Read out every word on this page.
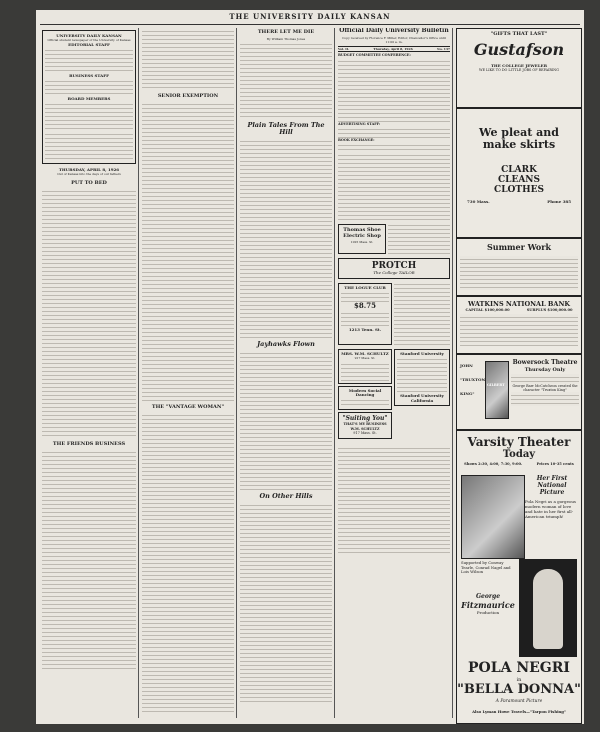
THE UNIVERSITY DAILY KANSAN
UNIVERSITY DAILY KANSAN
Official student newspaper of the University of Kansas
EDITORIAL STAFF
BUSINESS STAFF
BOARD MEMBERS
THURSDAY, APRIL 8, 1926
Out of Kansas into the days of our fathers
PUT TO BED
THE FRIENDS BUSINESS
SENIOR EXEMPTION
THE "VANTAGE WOMAN"
THERE LET ME DIE
By William Thomas Jones
Plain Tales From The Hill
Jayhawks Flown
On Other Hills
Official Daily University Bulletin
Copy received by Florence F. Miller, Editor, Chancellor's Office until 11:00 a. m.
Vol. II.	Thursday, April 8, 1926	No. 137
BUDGET COMMITTEE CONFERENCE:
ADVERTISING STAFF:
BOOK EXCHANGE:
Thomas Shoe
Electric Shop
1025 Mass. St.
PROTCH
The College TAILOR
THE LOGUE CLUB
$8.75
1213 Tenn. St.
MRS. W.M. SCHULTZ
917 Mass. St.
Modern Social Dancing
"Suiting You"
THAT'S MY BUSINESS
W.M. SCHULTZ
917 Mass. St.
Stanford University
Stanford University California
"GIFTS THAT LAST"
Gustafson
THE COLLEGE JEWELER
WE LIKE TO DO LITTLE JOBS OF REPAIRING
We pleat and
make skirts
CLARK
CLEANS
CLOTHES
730 Mass.	Phone 385
Summer Work
WATKINS NATIONAL BANK
CAPITAL $100,000.00	SURPLUS $100,000.00
JOHN
"TRUXTON
KING"
GILBERT
Bowersock Theatre
Thursday Only
George Barr McCutcheon created the character "Truxton King"
Varsity Theater
Today
Shows 2:30, 4:00, 7:30, 9:00.	Prices 10-35 cents
Her First National Picture
Pola Negri as a gorgeous modern woman of love and hate in her first all-American triumph!
Supported by Conway Tearle, Conrad Nagel and Lois Wilson
George
Fitzmaurice
Production
POLA NEGRI
in
"BELLA DONNA"
A Paramount Picture
Also Lyman Howe Travels—"Tarpon Fishing"
